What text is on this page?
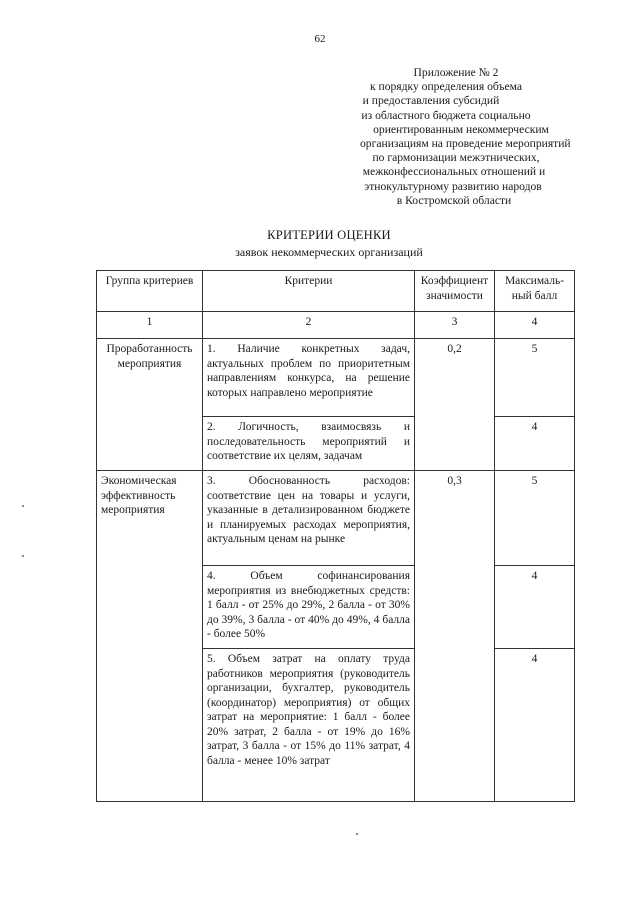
62
Приложение № 2
к порядку определения объема
и предоставления субсидий
из областного бюджета социально
ориентированным некоммерческим
организациям на проведение мероприятий
по гармонизации межэтнических,
межконфессиональных отношений и
этнокультурному развитию народов
в Костромской области
КРИТЕРИИ ОЦЕНКИ
заявок некоммерческих организаций
Группа критериев	Критерии	Коэффициент значимости	Максималь-ный балл
1	2	3	4
Проработанность мероприятия	1. Наличие конкретных задач, актуальных проблем по приоритетным направлениям конкурса, на решение которых направлено мероприятие	0,2	5
	2. Логичность, взаимосвязь и последовательность мероприятий и соответствие их целям, задачам		4
Экономическая эффективность мероприятия	3. Обоснованность расходов: соответствие цен на товары и услуги, указанные в детализированном бюджете и планируемых расходах мероприятия, актуальным ценам на рынке	0,3	5
	4. Объем софинансирования мероприятия из внебюджетных средств: 1 балл - от 25% до 29%, 2 балла - от 30% до 39%, 3 балла - от 40% до 49%, 4 балла - более 50%		4
	5. Объем затрат на оплату труда работников мероприятия (руководитель организации, бухгалтер, руководитель (координатор) мероприятия) от общих затрат на мероприятие: 1 балл - более 20% затрат, 2 балла - от 19% до 16% затрат, 3 балла - от 15% до 11% затрат, 4 балла - менее 10% затрат		4
